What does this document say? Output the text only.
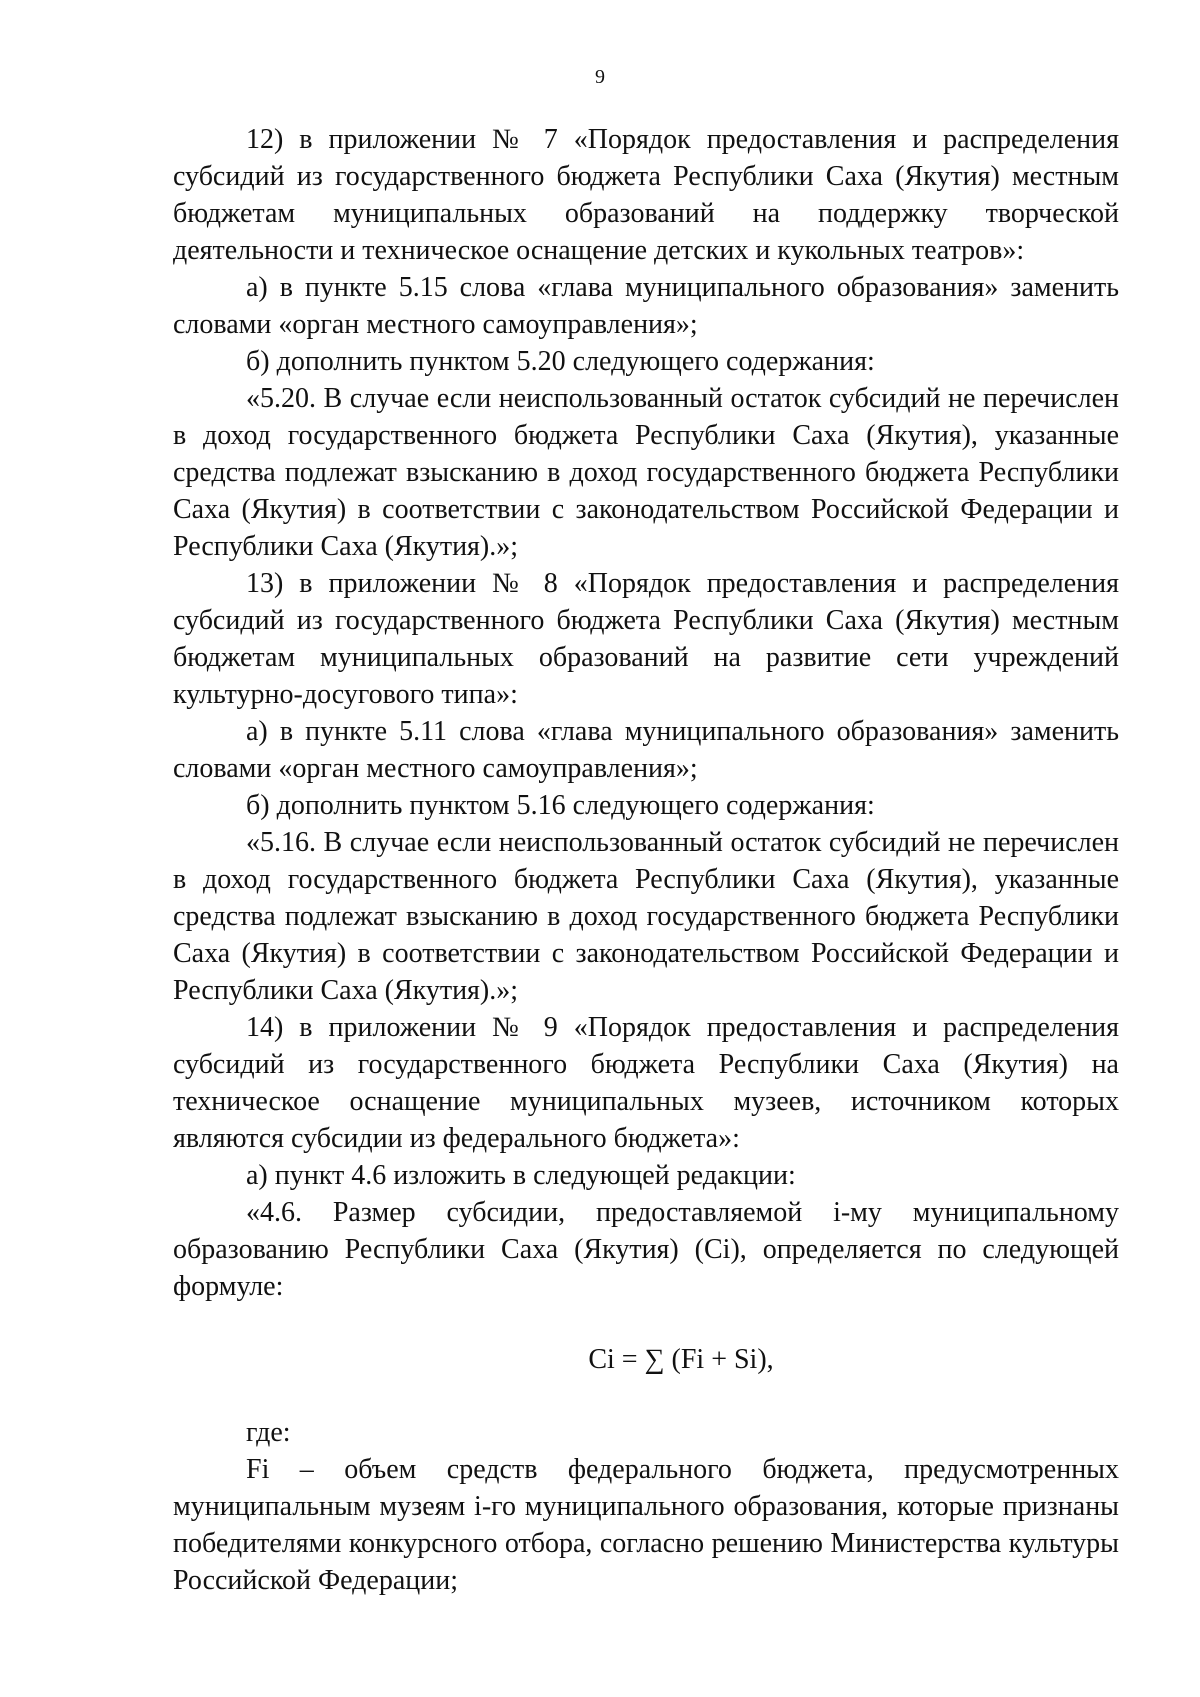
9

12) в приложении № 7 «Порядок предоставления и распределения субсидий из государственного бюджета Республики Саха (Якутия) местным бюджетам муниципальных образований на поддержку творческой деятельности и техническое оснащение детских и кукольных театров»:

а) в пункте 5.15 слова «глава муниципального образования» заменить словами «орган местного самоуправления»;

б) дополнить пунктом 5.20 следующего содержания:

«5.20. В случае если неиспользованный остаток субсидий не перечислен в доход государственного бюджета Республики Саха (Якутия), указанные средства подлежат взысканию в доход государственного бюджета Республики Саха (Якутия) в соответствии с законодательством Российской Федерации и Республики Саха (Якутия).»;

13) в приложении № 8 «Порядок предоставления и распределения субсидий из государственного бюджета Республики Саха (Якутия) местным бюджетам муниципальных образований на развитие сети учреждений культурно-досугового типа»:

а) в пункте 5.11 слова «глава муниципального образования» заменить словами «орган местного самоуправления»;

б) дополнить пунктом 5.16 следующего содержания:

«5.16. В случае если неиспользованный остаток субсидий не перечислен в доход государственного бюджета Республики Саха (Якутия), указанные средства подлежат взысканию в доход государственного бюджета Республики Саха (Якутия) в соответствии с законодательством Российской Федерации и Республики Саха (Якутия).»;

14) в приложении № 9 «Порядок предоставления и распределения субсидий из государственного бюджета Республики Саха (Якутия) на техническое оснащение муниципальных музеев, источником которых являются субсидии из федерального бюджета»:

а) пункт 4.6 изложить в следующей редакции:

«4.6. Размер субсидии, предоставляемой i-му муниципальному образованию Республики Саха (Якутия) (Ci), определяется по следующей формуле:

Ci = ∑ (Fi + Si),

где:

Fi – объем средств федерального бюджета, предусмотренных муниципальным музеям i-го муниципального образования, которые признаны победителями конкурсного отбора, согласно решению Министерства культуры Российской Федерации;
